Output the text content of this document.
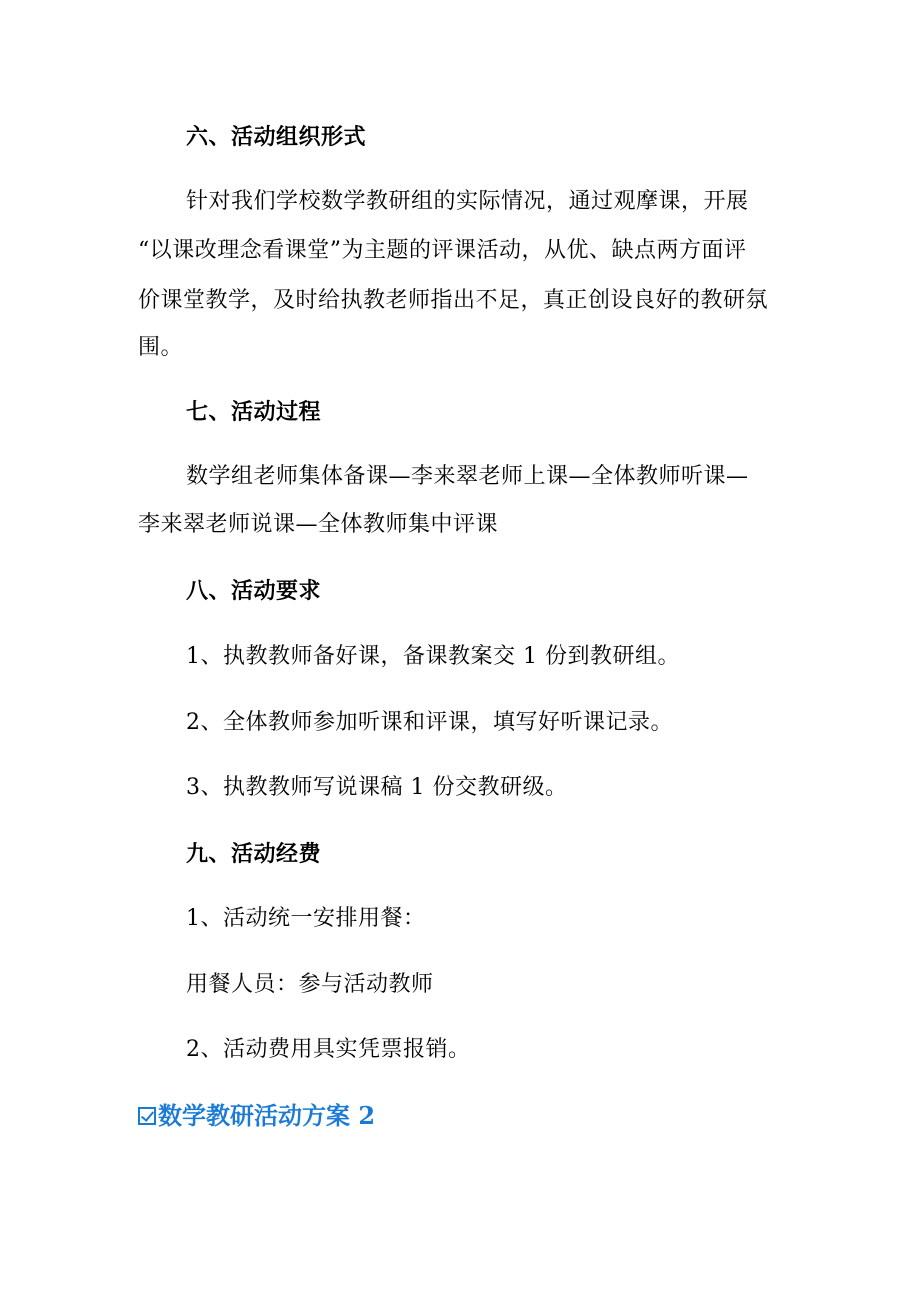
六、活动组织形式
针对我们学校数学教研组的实际情况，通过观摩课，开展
“以课改理念看课堂”为主题的评课活动，从优、缺点两方面评
价课堂教学，及时给执教老师指出不足，真正创设良好的教研氛
围。
七、活动过程
数学组老师集体备课—李来翠老师上课—全体教师听课—
李来翠老师说课—全体教师集中评课
八、活动要求
1、执教教师备好课，备课教案交 1 份到教研组。
2、全体教师参加听课和评课，填写好听课记录。
3、执教教师写说课稿 1 份交教研级。
九、活动经费
1、活动统一安排用餐：
用餐人员：参与活动教师
2、活动费用具实凭票报销。
数学教研活动方案 2
